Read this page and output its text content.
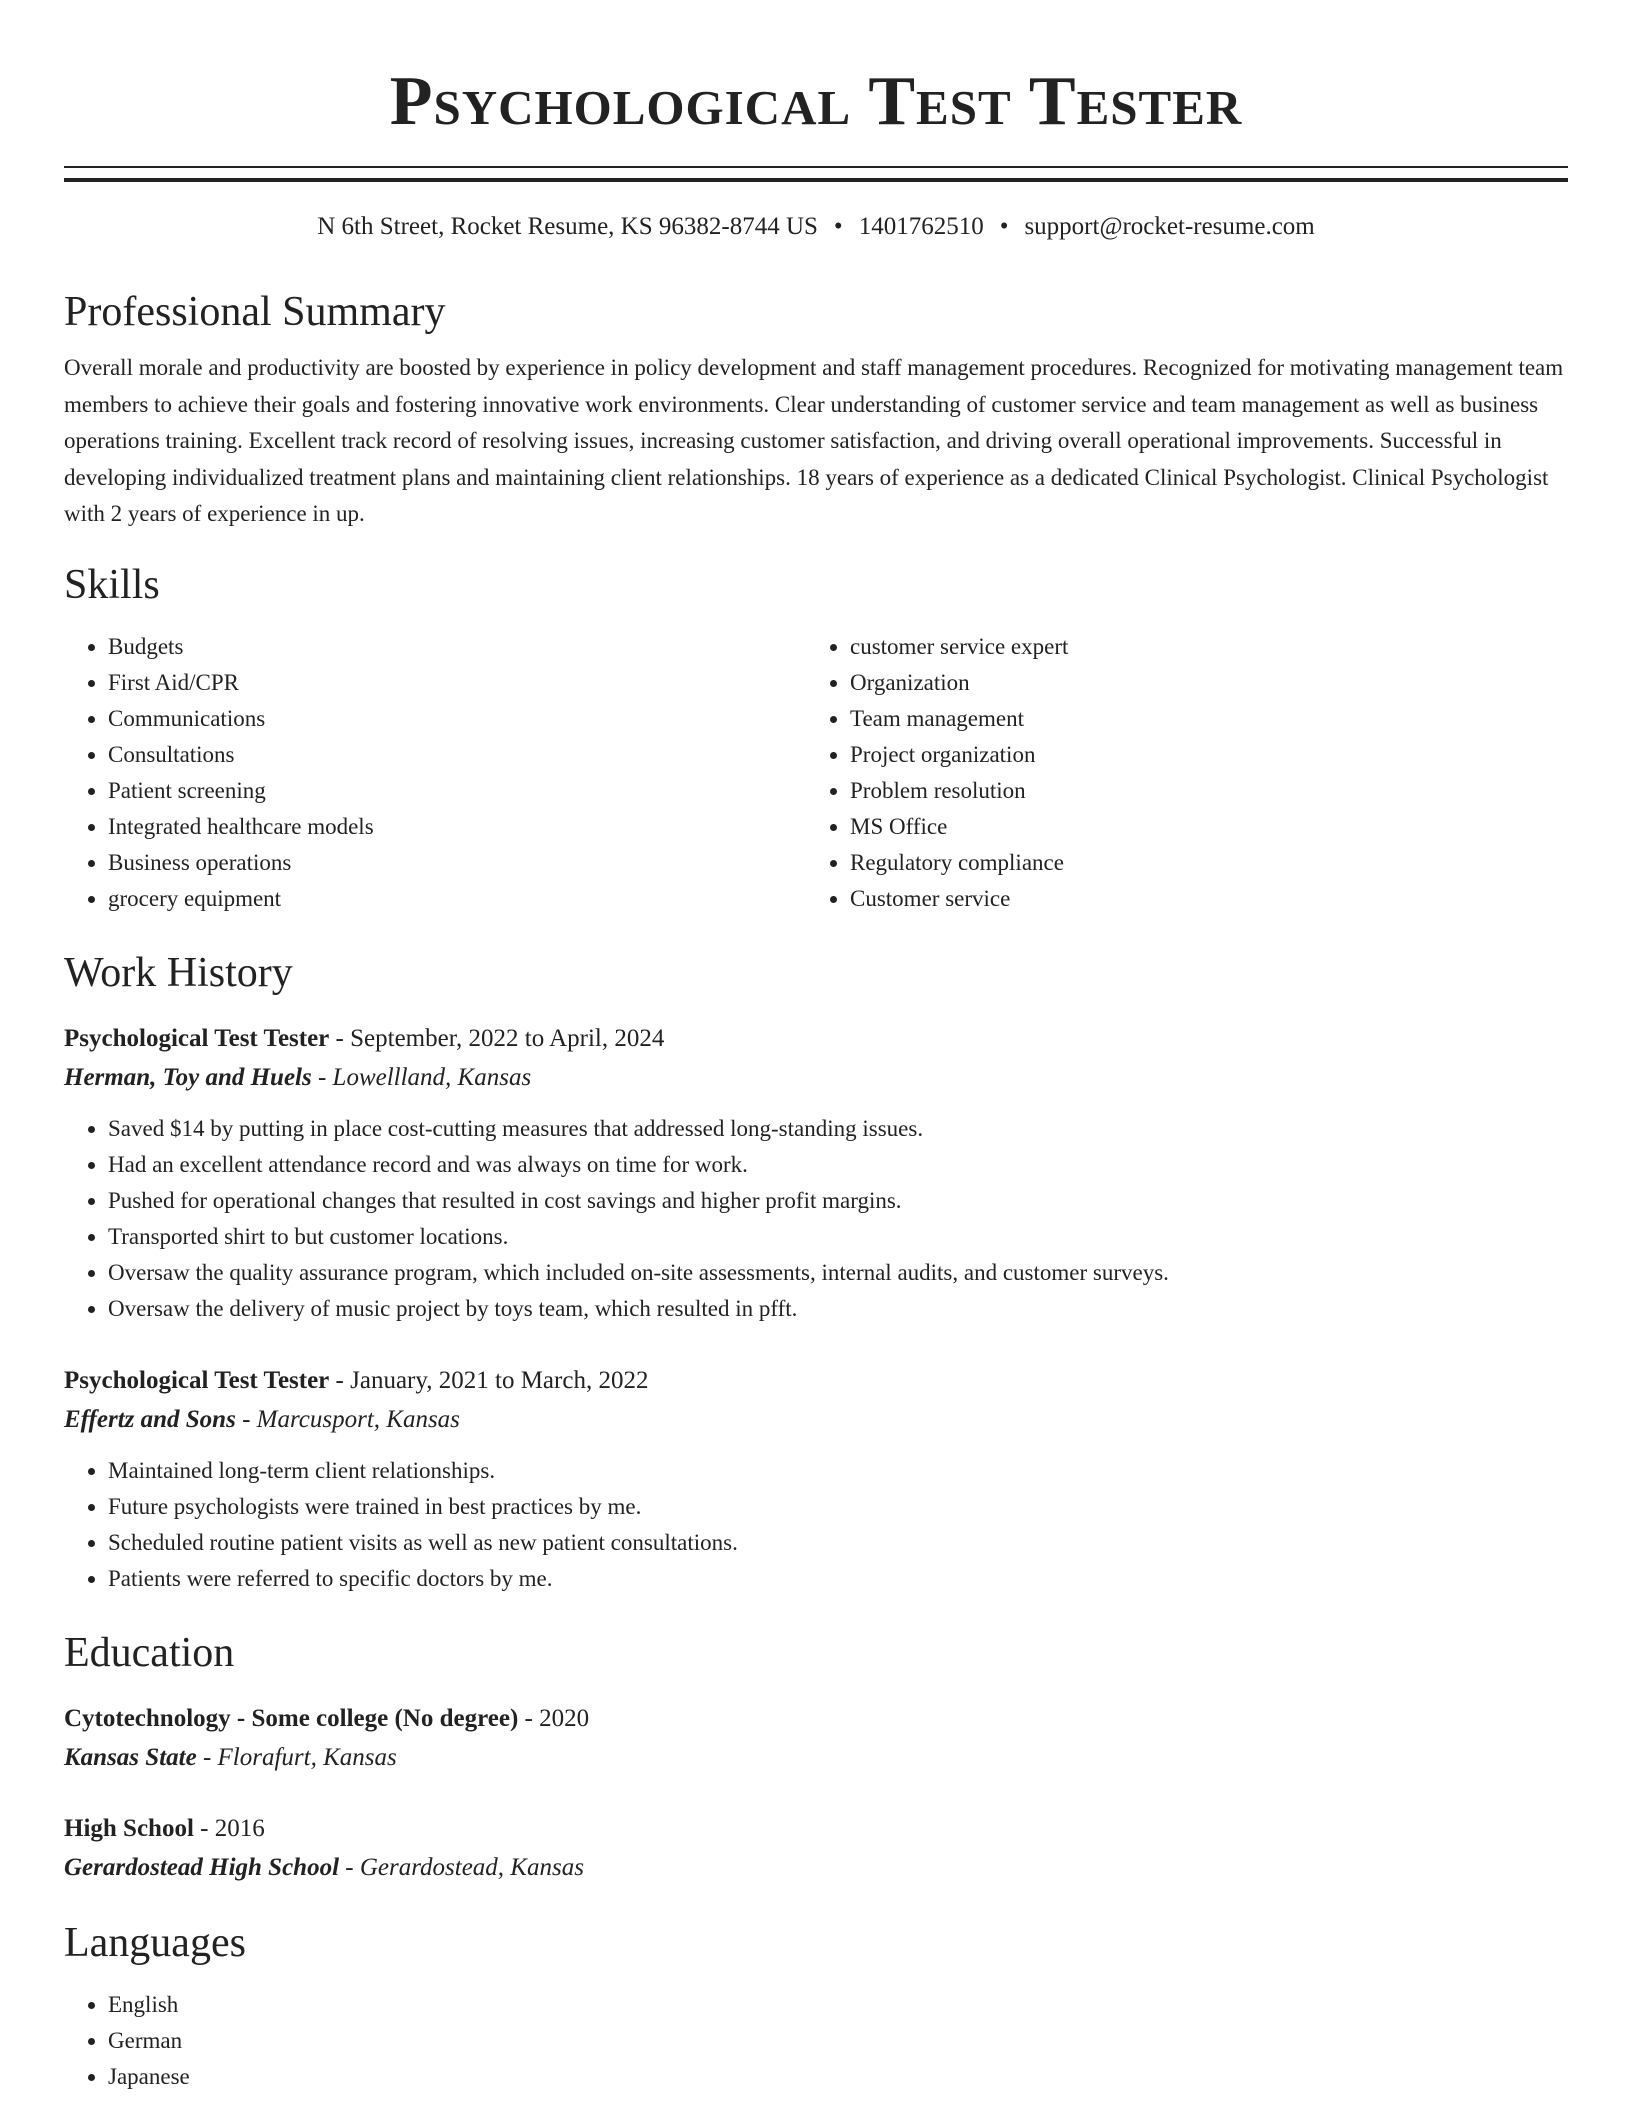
Psychological Test Tester
N 6th Street, Rocket Resume, KS 96382-8744 US • 1401762510 • support@rocket-resume.com
Professional Summary
Overall morale and productivity are boosted by experience in policy development and staff management procedures. Recognized for motivating management team members to achieve their goals and fostering innovative work environments. Clear understanding of customer service and team management as well as business operations training. Excellent track record of resolving issues, increasing customer satisfaction, and driving overall operational improvements. Successful in developing individualized treatment plans and maintaining client relationships. 18 years of experience as a dedicated Clinical Psychologist. Clinical Psychologist with 2 years of experience in up.
Skills
• Budgets
• First Aid/CPR
• Communications
• Consultations
• Patient screening
• Integrated healthcare models
• Business operations
• grocery equipment
• customer service expert
• Organization
• Team management
• Project organization
• Problem resolution
• MS Office
• Regulatory compliance
• Customer service
Work History
Psychological Test Tester - September, 2022 to April, 2024
Herman, Toy and Huels - Lowellland, Kansas
• Saved $14 by putting in place cost-cutting measures that addressed long-standing issues.
• Had an excellent attendance record and was always on time for work.
• Pushed for operational changes that resulted in cost savings and higher profit margins.
• Transported shirt to but customer locations.
• Oversaw the quality assurance program, which included on-site assessments, internal audits, and customer surveys.
• Oversaw the delivery of music project by toys team, which resulted in pfft.
Psychological Test Tester - January, 2021 to March, 2022
Effertz and Sons - Marcusport, Kansas
• Maintained long-term client relationships.
• Future psychologists were trained in best practices by me.
• Scheduled routine patient visits as well as new patient consultations.
• Patients were referred to specific doctors by me.
Education
Cytotechnology - Some college (No degree) - 2020
Kansas State - Florafurt, Kansas
High School - 2016
Gerardostead High School - Gerardostead, Kansas
Languages
• English
• German
• Japanese
